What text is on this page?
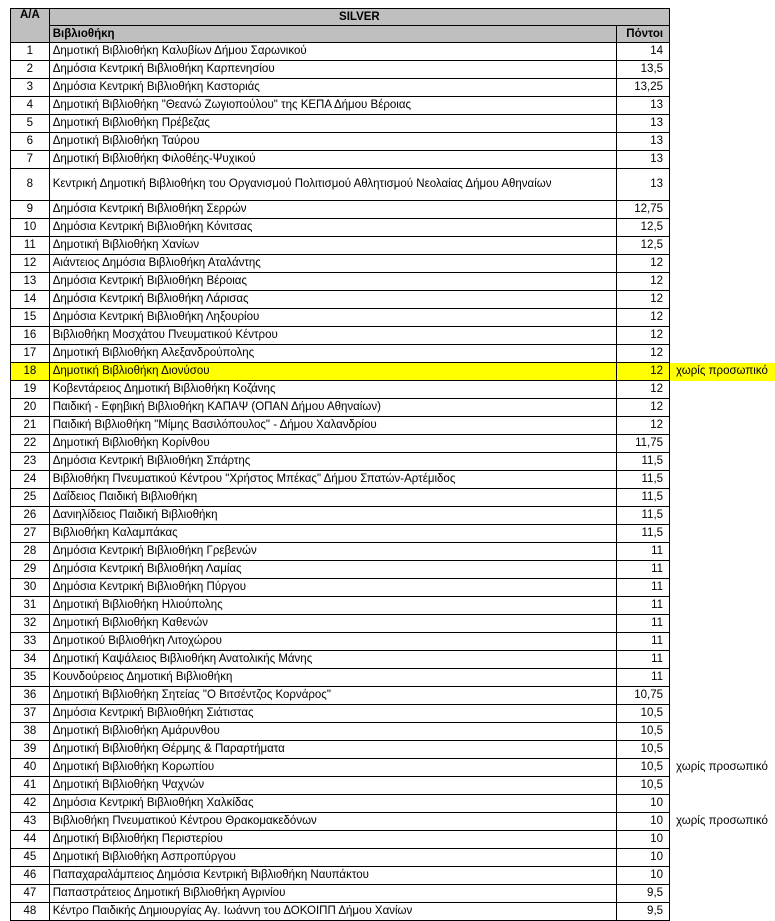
Α/Α	SILVER		
	Βιβλιοθήκη	Πόντοι	
1	Δημοτική Βιβλιοθήκη Καλυβίων Δήμου Σαρωνικού	14	
2	Δημόσια Κεντρική Βιβλιοθήκη Καρπενησίου	13,5	
3	Δημόσια Κεντρική Βιβλιοθήκη Καστοριάς	13,25	
4	Δημοτική Βιβλιοθήκη "Θεανώ Ζωγιοπούλου" της ΚΕΠΑ Δήμου Βέροιας	13	
5	Δημοτική Βιβλιοθήκη Πρέβεζας	13	
6	Δημοτική Βιβλιοθήκη Ταύρου	13	
7	Δημοτική Βιβλιοθήκη Φιλοθέης-Ψυχικού	13	
8	Κεντρική Δημοτική Βιβλιοθήκη του Οργανισμού Πολιτισμού Αθλητισμού Νεολαίας Δήμου Αθηναίων	13	
9	Δημόσια Κεντρική Βιβλιοθήκη Σερρών	12,75	
10	Δημόσια Κεντρική Βιβλιοθήκη Κόνιτσας	12,5	
11	Δημοτική Βιβλιοθήκη Χανίων	12,5	
12	Αιάντειος Δημόσια Βιβλιοθήκη Αταλάντης	12	
13	Δημόσια Κεντρική Βιβλιοθήκη Βέροιας	12	
14	Δημόσια Κεντρική Βιβλιοθήκη Λάρισας	12	
15	Δημόσια Κεντρική Βιβλιοθήκη Ληξουρίου	12	
16	Βιβλιοθήκη Μοσχάτου Πνευματικού Κέντρου	12	
17	Δημοτική Βιβλιοθήκη Αλεξανδρούπολης	12	
18	Δημοτική Βιβλιοθήκη Διονύσου	12	χωρίς προσωπικό
19	Κοβεντάρειος Δημοτική Βιβλιοθήκη Κοζάνης	12	
20	Παιδική - Εφηβική Βιβλιοθήκη ΚΑΠΑΨ (ΟΠΑΝ Δήμου Αθηναίων)	12	
21	Παιδική Βιβλιοθήκη "Μίμης Βασιλόπουλος" - Δήμου Χαλανδρίου	12	
22	Δημοτική Βιβλιοθήκη Κορίνθου	11,75	
23	Δημόσια Κεντρική Βιβλιοθήκη Σπάρτης	11,5	
24	Βιβλιοθήκη Πνευματικού Κέντρου "Χρήστος Μπέκας" Δήμου Σπατών-Αρτέμιδος	11,5	
25	Δαΐδειος Παιδική Βιβλιοθήκη	11,5	
26	Δανιηλίδειος Παιδική Βιβλιοθήκη	11,5	
27	Βιβλιοθήκη Καλαμπάκας	11,5	
28	Δημόσια Κεντρική Βιβλιοθήκη Γρεβενών	11	
29	Δημόσια Κεντρική Βιβλιοθήκη Λαμίας	11	
30	Δημόσια Κεντρική Βιβλιοθήκη Πύργου	11	
31	Δημοτική Βιβλιοθήκη Ηλιούπολης	11	
32	Δημοτική Βιβλιοθήκη Καθενών	11	
33	Δημοτικού Βιβλιοθήκη Λιτοχώρου	11	
34	Δημοτική Καψάλειος Βιβλιοθήκη Ανατολικής Μάνης	11	
35	Κουνδούρειος Δημοτική Βιβλιοθήκη	11	
36	Δημοτική Βιβλιοθήκη Σητείας "Ο Βιτσέντζος Κορνάρος"	10,75	
37	Δημόσια Κεντρική Βιβλιοθήκη Σιάτιστας	10,5	
38	Δημοτική Βιβλιοθήκη Αμάρυνθου	10,5	
39	Δημοτική Βιβλιοθήκη Θέρμης & Παραρτήματα	10,5	
40	Δημοτική Βιβλιοθήκη Κορωπίου	10,5	χωρίς προσωπικό
41	Δημοτική Βιβλιοθήκη Ψαχνών	10,5	
42	Δημόσια Κεντρική Βιβλιοθήκη Χαλκίδας	10	
43	Βιβλιοθήκη Πνευματικού Κέντρου Θρακομακεδόνων	10	χωρίς προσωπικό
44	Δημοτική Βιβλιοθήκη Περιστερίου	10	
45	Δημοτική Βιβλιοθήκη Ασπροπύργου	10	
46	Παπαχαραλάμπειος Δημόσια Κεντρική Βιβλιοθήκη Ναυπάκτου	10	
47	Παπαστράτειος Δημοτική Βιβλιοθήκη Αγρινίου	9,5	
48	Κέντρο Παιδικής Δημιουργίας Αγ. Ιωάννη του ΔΟΚΟΙΠΠ Δήμου Χανίων	9,5	
